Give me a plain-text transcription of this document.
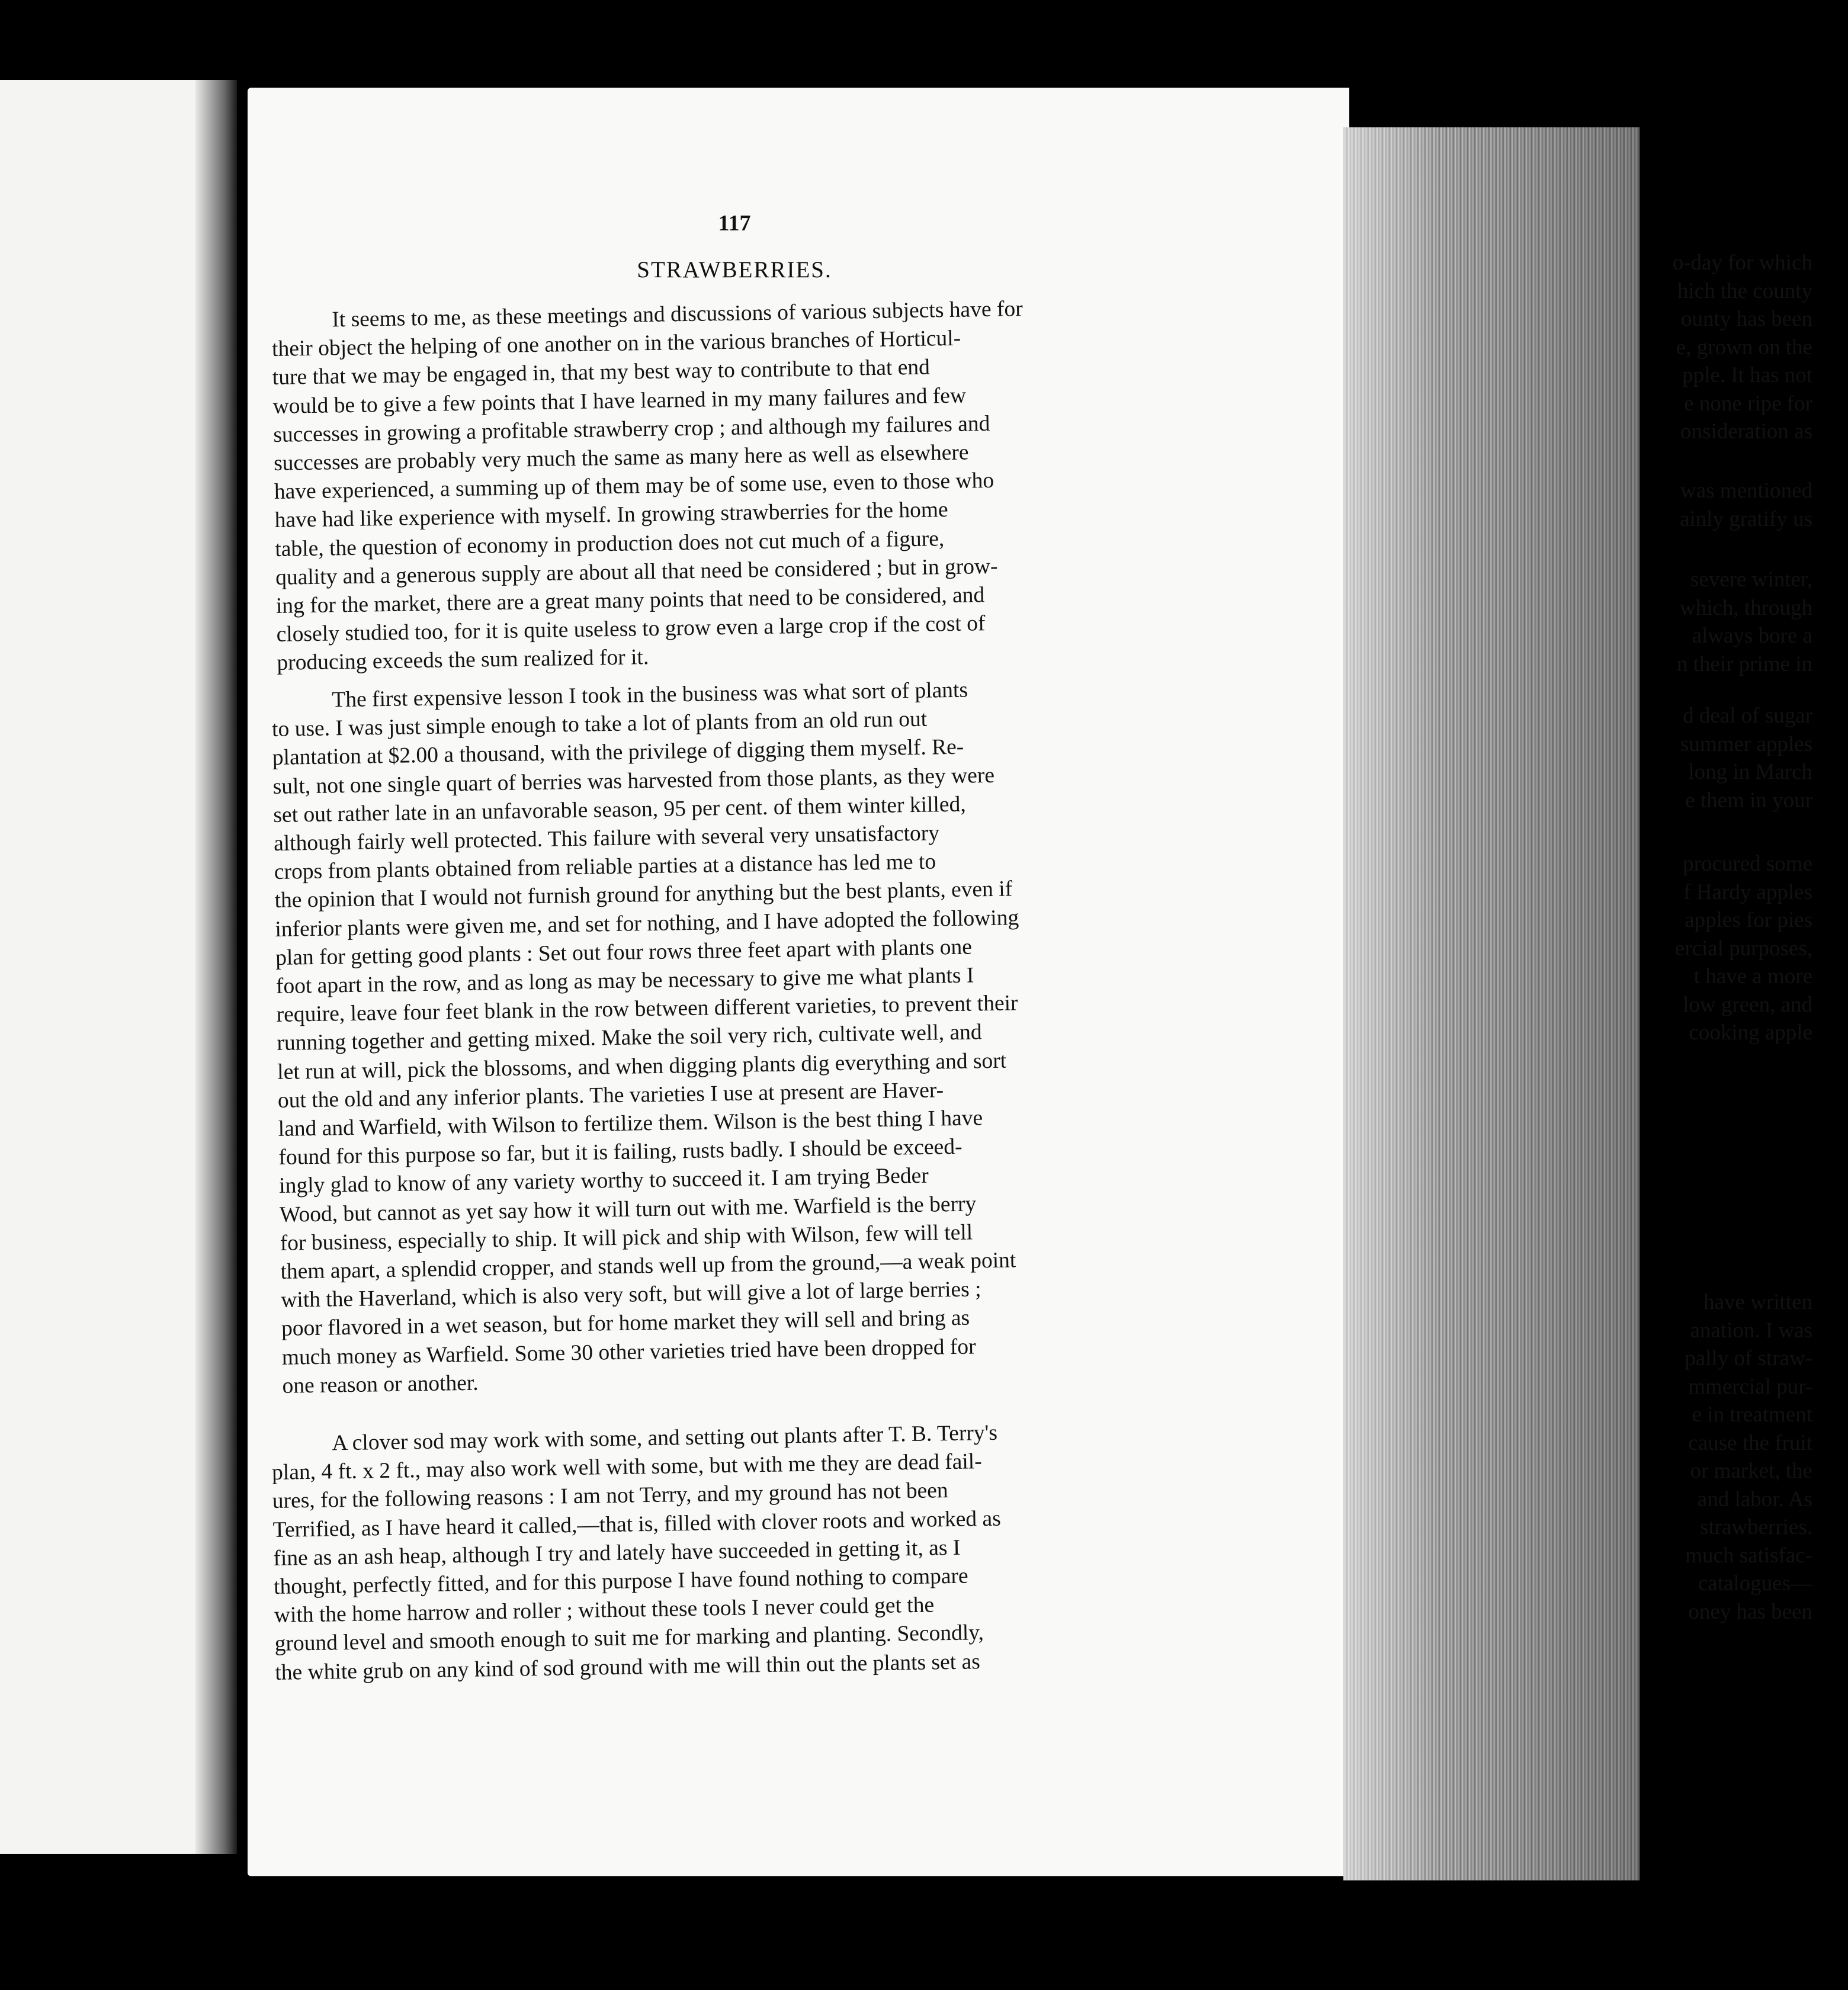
o-day for which
hich the county
ounty has been
e, grown on the
pple. It has not
e none ripe for
onsideration as
was mentioned
ainly gratify us
severe winter,
which, through
always bore a
n their prime in
d deal of sugar
summer apples
long in March
e them in your
procured some
f Hardy apples
apples for pies
ercial purposes,
t have a more
low green, and
cooking apple
have written
anation. I was
pally of straw-
mmercial pur-
e in treatment
cause the fruit
or market, the
and labor. As
strawberries.
much satisfac-
catalogues—
oney has been
117
STRAWBERRIES.
It seems to me, as these meetings and discussions of various subjects have for
their object the helping of one another on in the various branches of Horticul-
ture that we may be engaged in, that my best way to contribute to that end
would be to give a few points that I have learned in my many failures and few
successes in growing a profitable strawberry crop ; and although my failures and
successes are probably very much the same as many here as well as elsewhere
have experienced, a summing up of them may be of some use, even to those who
have had like experience with myself. In growing strawberries for the home
table, the question of economy in production does not cut much of a figure,
quality and a generous supply are about all that need be considered ; but in grow-
ing for the market, there are a great many points that need to be considered, and
closely studied too, for it is quite useless to grow even a large crop if the cost of
producing exceeds the sum realized for it.
The first expensive lesson I took in the business was what sort of plants
to use. I was just simple enough to take a lot of plants from an old run out
plantation at $2.00 a thousand, with the privilege of digging them myself. Re-
sult, not one single quart of berries was harvested from those plants, as they were
set out rather late in an unfavorable season, 95 per cent. of them winter killed,
although fairly well protected. This failure with several very unsatisfactory
crops from plants obtained from reliable parties at a distance has led me to
the opinion that I would not furnish ground for anything but the best plants, even if
inferior plants were given me, and set for nothing, and I have adopted the following
plan for getting good plants : Set out four rows three feet apart with plants one
foot apart in the row, and as long as may be necessary to give me what plants I
require, leave four feet blank in the row between different varieties, to prevent their
running together and getting mixed. Make the soil very rich, cultivate well, and
let run at will, pick the blossoms, and when digging plants dig everything and sort
out the old and any inferior plants. The varieties I use at present are Haver-
land and Warfield, with Wilson to fertilize them. Wilson is the best thing I have
found for this purpose so far, but it is failing, rusts badly. I should be exceed-
ingly glad to know of any variety worthy to succeed it. I am trying Beder
Wood, but cannot as yet say how it will turn out with me. Warfield is the berry
for business, especially to ship. It will pick and ship with Wilson, few will tell
them apart, a splendid cropper, and stands well up from the ground,—a weak point
with the Haverland, which is also very soft, but will give a lot of large berries ;
poor flavored in a wet season, but for home market they will sell and bring as
much money as Warfield. Some 30 other varieties tried have been dropped for
one reason or another.
A clover sod may work with some, and setting out plants after T. B. Terry's
plan, 4 ft. x 2 ft., may also work well with some, but with me they are dead fail-
ures, for the following reasons : I am not Terry, and my ground has not been
Terrified, as I have heard it called,—that is, filled with clover roots and worked as
fine as an ash heap, although I try and lately have succeeded in getting it, as I
thought, perfectly fitted, and for this purpose I have found nothing to compare
with the home harrow and roller ; without these tools I never could get the
ground level and smooth enough to suit me for marking and planting. Secondly,
the white grub on any kind of sod ground with me will thin out the plants set as
